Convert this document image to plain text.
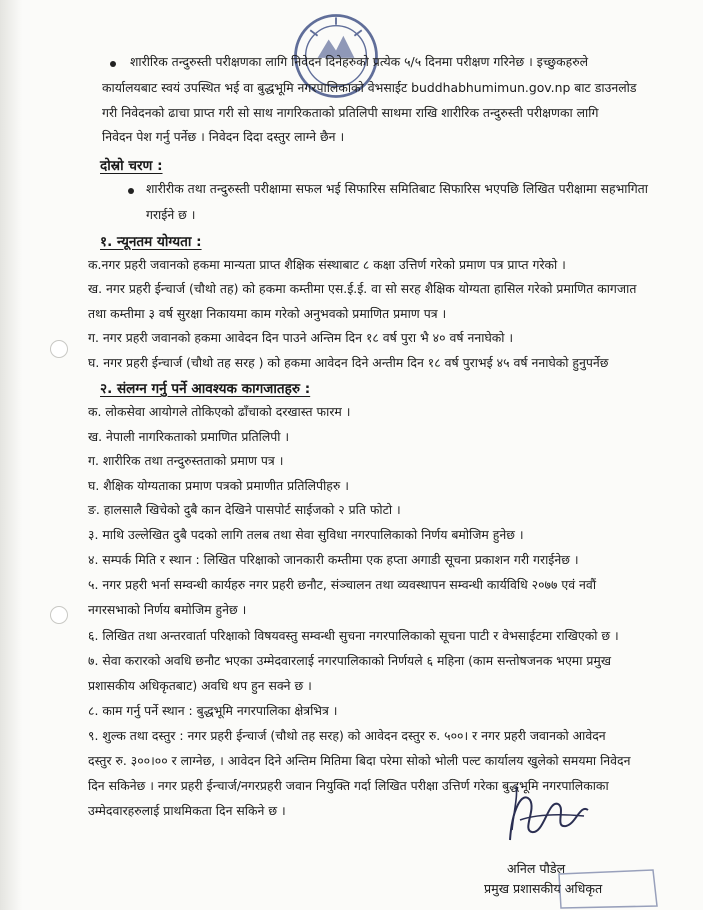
शारीरिक तन्दुरुस्ती परीक्षणका लागि निवेदन दिनेहरुको प्रत्येक ५/५ दिनमा परीक्षण गरिनेछ । इच्छुकहरुले
कार्यालयबाट स्वयं उपस्थित भई वा बुद्धभूमि नगरपालिकाको वेभसाईट buddhabhumimun.gov.np बाट डाउनलोड
गरी निवेदनको ढाचा प्राप्त गरी सो साथ नागरिकताको प्रतिलिपी साथमा राखि शारीरिक तन्दुरुस्ती परीक्षणका लागि
निवेदन पेश गर्नु पर्नेछ । निवेदन दिदा दस्तुर लाग्ने छैन ।
दोस्रो चरण :
शारीरीक तथा तन्दुरुस्ती परीक्षामा सफल भई सिफारिस समितिबाट सिफारिस भएपछि लिखित परीक्षामा सहभागिता
गराईने छ ।
१. न्यूनतम योग्यता :
क.नगर प्रहरी जवानको हकमा मान्यता प्राप्त शैक्षिक संस्थाबाट ८ कक्षा उत्तिर्ण गरेको प्रमाण पत्र प्राप्त गरेको ।
ख. नगर प्रहरी ईन्चार्ज (चौथो तह) को हकमा कम्तीमा एस.ई.ई. वा सो सरह शैक्षिक योग्यता हासिल गरेको प्रमाणित कागजात
तथा कम्तीमा ३ वर्ष सुरक्षा निकायमा काम गरेको अनुभवको प्रमाणित प्रमाण पत्र ।
ग. नगर प्रहरी जवानको हकमा आवेदन दिन पाउने अन्तिम दिन १८ वर्ष पुरा भै ४० वर्ष ननाघेको ।
घ. नगर प्रहरी ईन्चार्ज (चौथो तह सरह ) को हकमा आवेदन दिने अन्तीम दिन १८ वर्ष पुराभई ४५ वर्ष ननाघेको हुनुपर्नेछ
२. संलग्न गर्नु पर्ने आवश्यक कागजातहरु :
क. लोकसेवा आयोगले तोकिएको ढाँचाको दरखास्त फारम ।
ख. नेपाली नागरिकताको प्रमाणित प्रतिलिपी ।
ग. शारीरिक तथा तन्दुरुस्तताको प्रमाण पत्र ।
घ. शैक्षिक योग्यताका प्रमाण पत्रको प्रमाणीत प्रतिलिपीहरु ।
ङ. हालसालै खिचेको दुबै कान देखिने पासपोर्ट साईजको २ प्रति फोटो ।
३. माथि उल्लेखित दुबै पदको लागि तलब तथा सेवा सुविधा नगरपालिकाको निर्णय बमोजिम हुनेछ ।
४. सम्पर्क मिति र स्थान : लिखित परिक्षाको जानकारी कम्तीमा एक हप्ता अगाडी सूचना प्रकाशन गरी गराईनेछ ।
५. नगर प्रहरी भर्ना सम्वन्धी कार्यहरु नगर प्रहरी छनौट, संञ्चालन तथा व्यवस्थापन सम्वन्धी कार्यविधि २०७७ एवं नवौं
नगरसभाको निर्णय बमोजिम हुनेछ ।
६. लिखित तथा अन्तरवार्ता परिक्षाको विषयवस्तु सम्वन्धी सुचना नगरपालिकाको सूचना पाटी र वेभसाईटमा राखिएको छ ।
७. सेवा करारको अवधि छनौट भएका उम्मेदवारलाई नगरपालिकाको निर्णयले ६ महिना (काम सन्तोषजनक भएमा प्रमुख
प्रशासकीय अधिकृतबाट) अवधि थप हुन सक्ने छ ।
८. काम गर्नु पर्ने स्थान : बुद्धभूमि नगरपालिका क्षेत्रभित्र ।
९. शुल्क तथा दस्तुर : नगर प्रहरी ईन्चार्ज (चौथो तह सरह) को आवेदन दस्तुर रु. ५००। र नगर प्रहरी जवानको आवेदन
दस्तुर रु. ३००।०० र लाग्नेछ, । आवेदन दिने अन्तिम मितिमा बिदा परेमा सोको भोली पल्ट कार्यालय खुलेको समयमा निवेदन
दिन सकिनेछ । नगर प्रहरी ईन्चार्ज/नगरप्रहरी जवान नियुक्ति गर्दा लिखित परीक्षा उत्तिर्ण गरेका बुद्धभूमि नगरपालिकाका
उम्मेदवारहरुलाई प्राथमिकता दिन सकिने छ ।
अनिल पौडेल
प्रमुख प्रशासकीय अधिकृत
